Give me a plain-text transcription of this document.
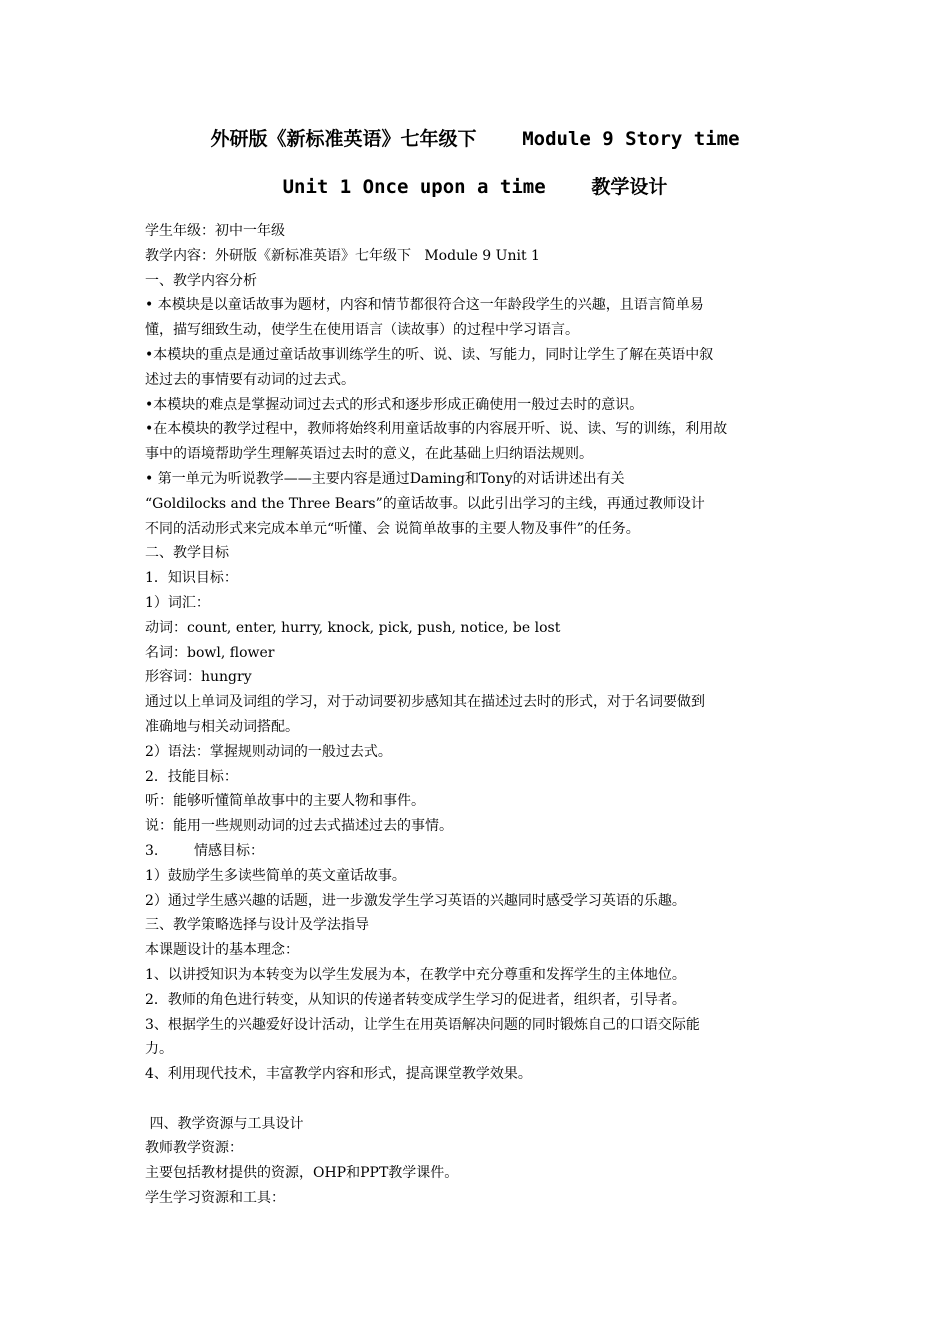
外研版《新标准英语》七年级下    Module 9 Story time
Unit 1 Once upon a time    教学设计
学生年级：初中一年级
教学内容：外研版《新标准英语》七年级下   Module 9 Unit 1
一、教学内容分析
• 本模块是以童话故事为题材，内容和情节都很符合这一年龄段学生的兴趣，且语言简单易
懂，描写细致生动，使学生在使用语言（读故事）的过程中学习语言。
•本模块的重点是通过童话故事训练学生的听、说、读、写能力，同时让学生了解在英语中叙
述过去的事情要有动词的过去式。
•本模块的难点是掌握动词过去式的形式和逐步形成正确使用一般过去时的意识。
•在本模块的教学过程中，教师将始终利用童话故事的内容展开听、说、读、写的训练，利用故
事中的语境帮助学生理解英语过去时的意义，在此基础上归纳语法规则。
• 第一单元为听说教学——主要内容是通过Daming和Tony的对话讲述出有关
“Goldilocks and the Three Bears”的童话故事。以此引出学习的主线，再通过教师设计
不同的活动形式来完成本单元“听懂、会 说简单故事的主要人物及事件”的任务。
二、教学目标
1．知识目标：
1）词汇：
动词：count, enter, hurry, knock, pick, push, notice, be lost
名词：bowl, flower
形容词：hungry
通过以上单词及词组的学习，对于动词要初步感知其在描述过去时的形式，对于名词要做到
准确地与相关动词搭配。
2）语法：掌握规则动词的一般过去式。
2．技能目标：
听：能够听懂简单故事中的主要人物和事件。
说：能用一些规则动词的过去式描述过去的事情。
3.        情感目标：
1）鼓励学生多读些简单的英文童话故事。
2）通过学生感兴趣的话题，进一步激发学生学习英语的兴趣同时感受学习英语的乐趣。
三、教学策略选择与设计及学法指导
本课题设计的基本理念：
1、以讲授知识为本转变为以学生发展为本，在教学中充分尊重和发挥学生的主体地位。
2．教师的角色进行转变，从知识的传递者转变成学生学习的促进者，组织者，引导者。
3、根据学生的兴趣爱好设计活动，让学生在用英语解决问题的同时锻炼自己的口语交际能
力。
4、利用现代技术，丰富教学内容和形式，提高课堂教学效果。
四、教学资源与工具设计
教师教学资源：
主要包括教材提供的资源，OHP和PPT教学课件。
学生学习资源和工具：
